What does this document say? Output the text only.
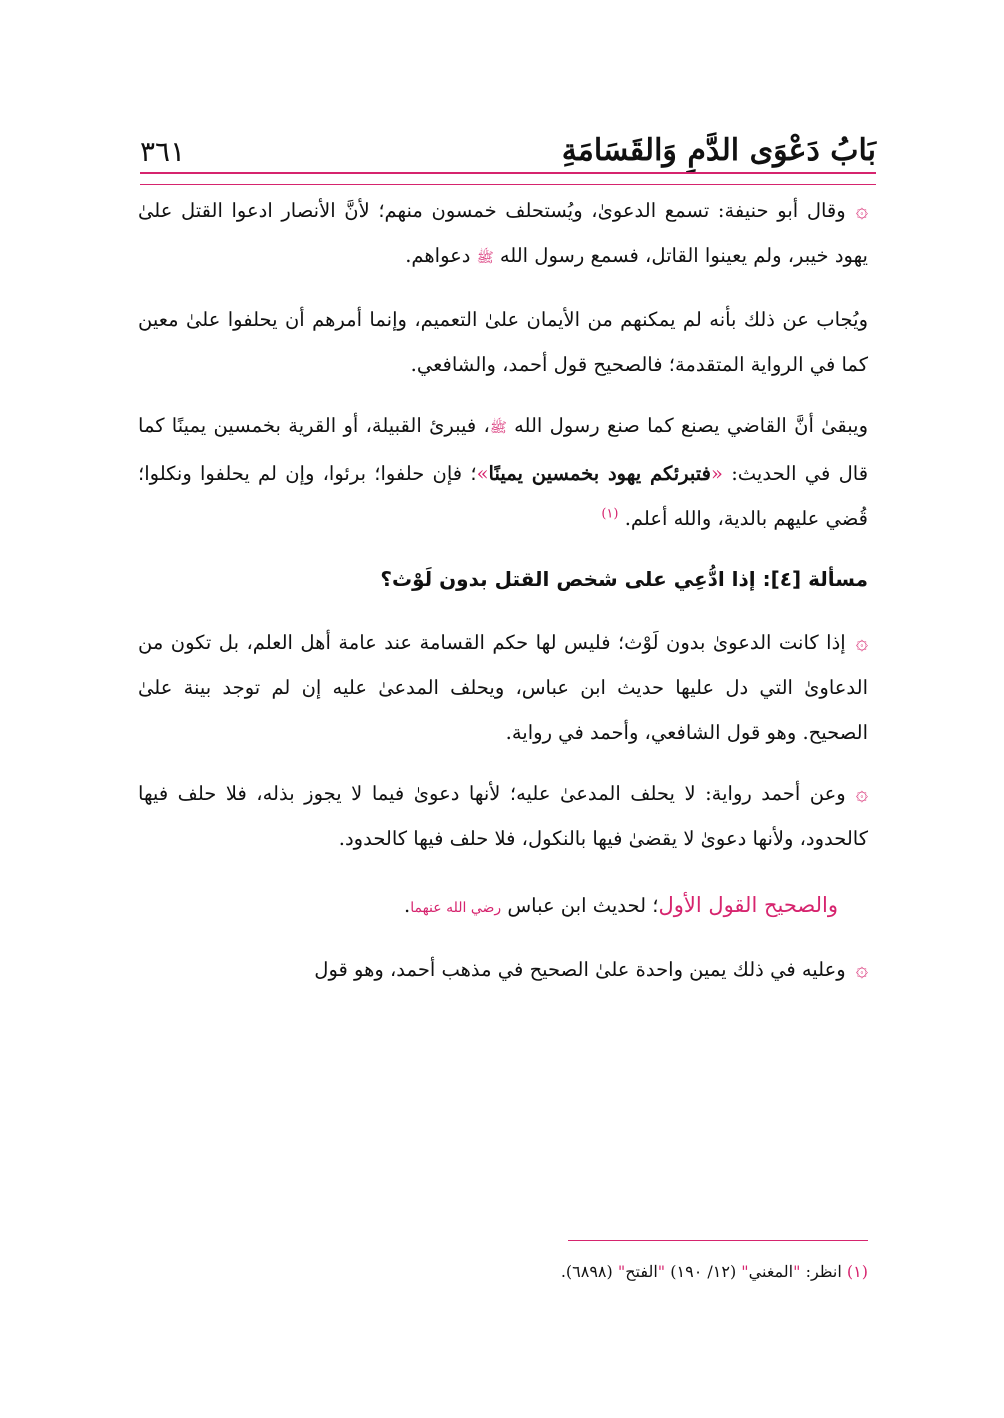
٣٦١	بَابُ دَعْوَى الدَّمِ وَالقَسَامَةِ

۞وقال أبو حنيفة: تسمع الدعوىٰ، ويُستحلف خمسون منهم؛ لأنَّ الأنصار ادعوا القتل علىٰ يهود خيبر، ولم يعينوا القاتل، فسمع رسول الله ﷺ دعواهم.

ويُجاب عن ذلك بأنه لم يمكنهم من الأيمان علىٰ التعميم، وإنما أمرهم أن يحلفوا علىٰ معين كما في الرواية المتقدمة؛ فالصحيح قول أحمد، والشافعي.

ويبقىٰ أنَّ القاضي يصنع كما صنع رسول الله ﷺ، فيبرئ القبيلة، أو القرية بخمسين يمينًا كما قال في الحديث: «فتبرئكم يهود بخمسين يمينًا»؛ فإن حلفوا؛ برئوا، وإن لم يحلفوا ونكلوا؛ قُضي عليهم بالدية، والله أعلم. $^{(١)}$

مسألة [٤]: إذا ادُّعِي على شخص القتل بدون لَوْث؟

۞إذا كانت الدعوىٰ بدون لَوْث؛ فليس لها حكم القسامة عند عامة أهل العلم، بل تكون من الدعاوىٰ التي دل عليها حديث ابن عباس، ويحلف المدعىٰ عليه إن لم توجد بينة علىٰ الصحيح. وهو قول الشافعي، وأحمد في رواية.

۞وعن أحمد رواية: لا يحلف المدعىٰ عليه؛ لأنها دعوىٰ فيما لا يجوز بذله، فلا حلف فيها كالحدود، ولأنها دعوىٰ لا يقضىٰ فيها بالنكول، فلا حلف فيها كالحدود.

والصحيح القول الأول؛ لحديث ابن عباس رضي الله عنهما.

۞وعليه في ذلك يمين واحدة علىٰ الصحيح في مذهب أحمد، وهو قول

(١) انظر: "المغني" (١٢/ ١٩٠) "الفتح" (٦٨٩٨).
